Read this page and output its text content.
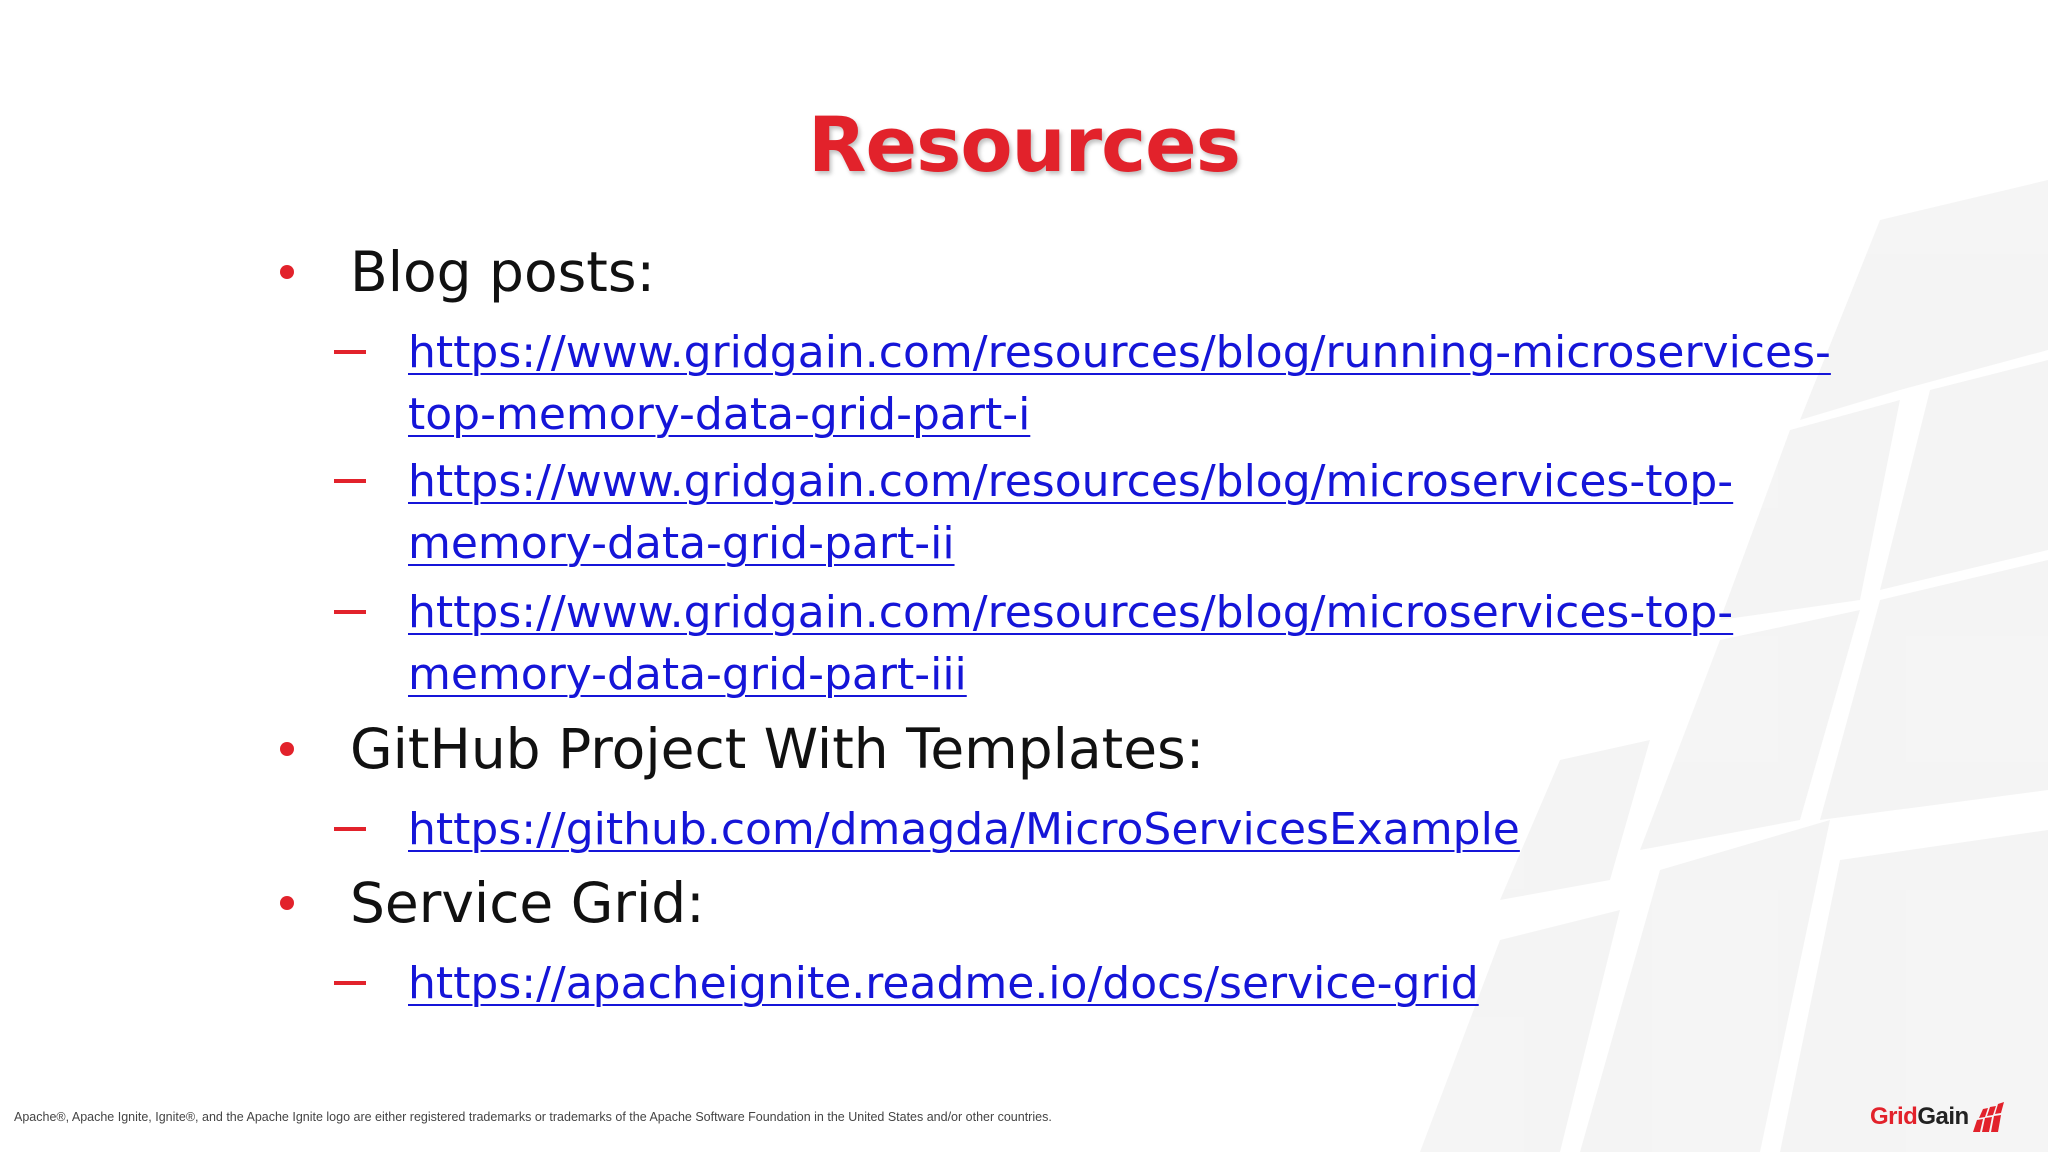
Resources
Blog posts:
https://www.gridgain.com/resources/blog/running-microservices-top-memory-data-grid-part-i
https://www.gridgain.com/resources/blog/microservices-top-memory-data-grid-part-ii
https://www.gridgain.com/resources/blog/microservices-top-memory-data-grid-part-iii
GitHub Project With Templates:
https://github.com/dmagda/MicroServicesExample
Service Grid:
https://apacheignite.readme.io/docs/service-grid
Apache®, Apache Ignite, Ignite®, and the Apache Ignite logo are either registered trademarks or trademarks of the Apache Software Foundation in the United States and/or other countries.	GridGain
